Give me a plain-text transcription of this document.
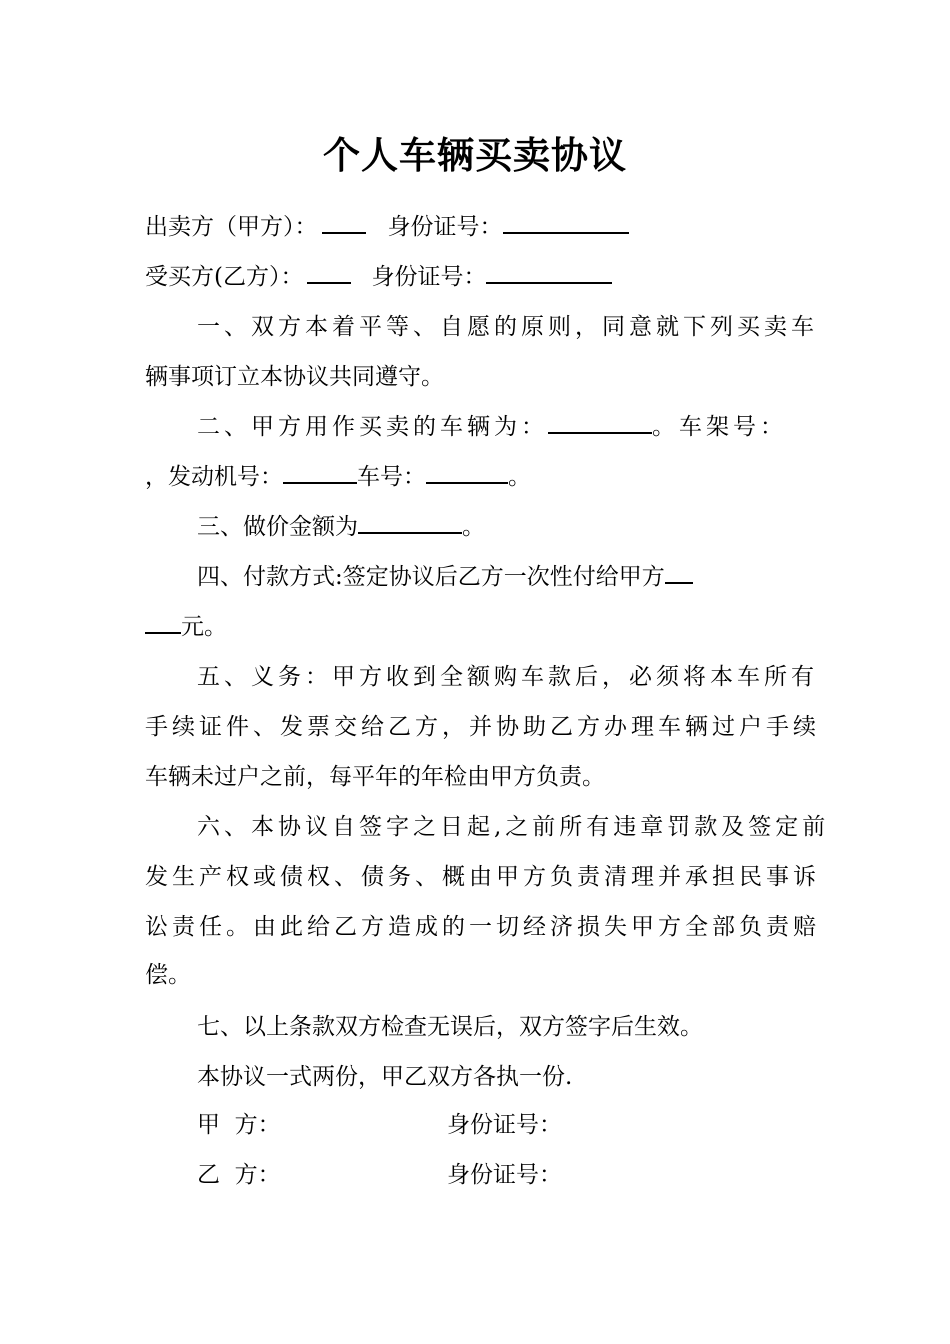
个人车辆买卖协议
出卖方（甲方）：	身份证号：
受买方(乙方）：	身份证号：
一、双方本着平等、自愿的原则，同意就下列买卖车
辆事项订立本协议共同遵守。
二、甲方用作买卖的车辆为：	。车架号：
，发动机号：	车号：	。
三、做价金额为	。
四、付款方式:签定协议后乙方一次性付给甲方
元。
五、义务：甲方收到全额购车款后，必须将本车所有
手续证件、发票交给乙方，并协助乙方办理车辆过户手续
车辆未过户之前，每平年的年检由甲方负责。
六、本协议自签字之日起,之前所有违章罚款及签定前
发生产权或债权、债务、概由甲方负责清理并承担民事诉
讼责任。由此给乙方造成的一切经济损失甲方全部负责赔
偿。
七、以上条款双方检查无误后，双方签字后生效。
本协议一式两份，甲乙双方各执一份.
甲  方：	身份证号：
乙  方：	身份证号：
